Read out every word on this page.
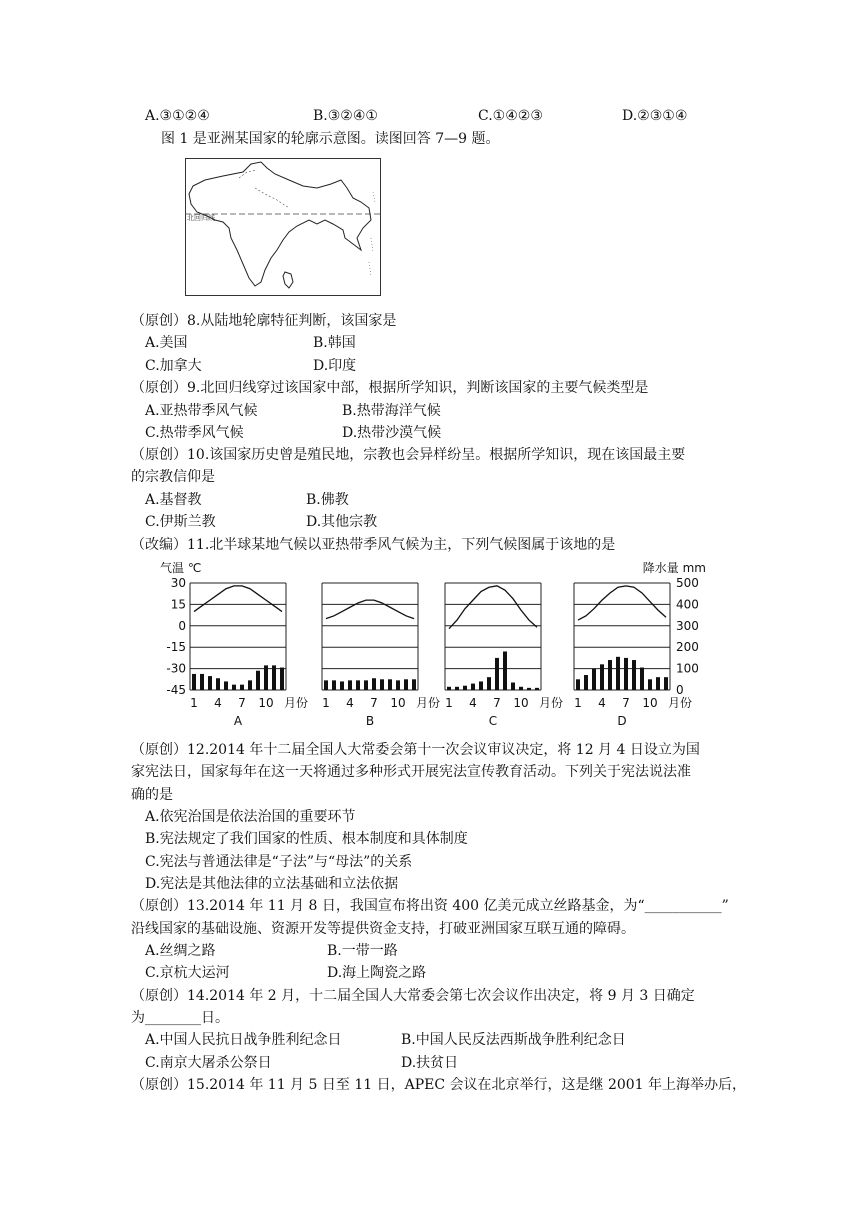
A.③①②④	B.③②④①	C.①④②③	D.②③①④
图 1 是亚洲某国家的轮廓示意图。读图回答 7—9 题。
北回归线
（原创）8.从陆地轮廓特征判断，该国家是
A.美国	B.韩国
C.加拿大	D.印度
（原创）9.北回归线穿过该国家中部，根据所学知识，判断该国家的主要气候类型是
A.亚热带季风气候	B.热带海洋气候
C.热带季风气候	D.热带沙漠气候
（原创）10.该国家历史曾是殖民地，宗教也会异样纷呈。根据所学知识，现在该国最主要
的宗教信仰是
A.基督教	B.佛教
C.伊斯兰教	D.其他宗教
（改编）11.北半球某地气候以亚热带季风气候为主，下列气候图属于该地的是
气温 ℃	降水量 mm
30
15
0
-15
-30
-45
500
400
300
200
100
0
1 4 7 10 月份
A
1 4 7 10 月份
B
1 4 7 10 月份
C
1 4 7 10 月份
D
（原创）12.2014 年十二届全国人大常委会第十一次会议审议决定，将 12 月 4 日设立为国
家宪法日，国家每年在这一天将通过多种形式开展宪法宣传教育活动。下列关于宪法说法准
确的是
A.依宪治国是依法治国的重要环节
B.宪法规定了我们国家的性质、根本制度和具体制度
C.宪法与普通法律是“子法”与“母法”的关系
D.宪法是其他法律的立法基础和立法依据
（原创）13.2014 年 11 月 8 日，我国宣布将出资 400 亿美元成立丝路基金，为“___________”
沿线国家的基础设施、资源开发等提供资金支持，打破亚洲国家互联互通的障碍。
A.丝绸之路	B.一带一路
C.京杭大运河	D.海上陶瓷之路
（原创）14.2014 年 2 月，十二届全国人大常委会第七次会议作出决定，将 9 月 3 日确定
为________日。
A.中国人民抗日战争胜利纪念日	B.中国人民反法西斯战争胜利纪念日
C.南京大屠杀公祭日	D.扶贫日
（原创）15.2014 年 11 月 5 日至 11 日，APEC 会议在北京举行，这是继 2001 年上海举办后，
